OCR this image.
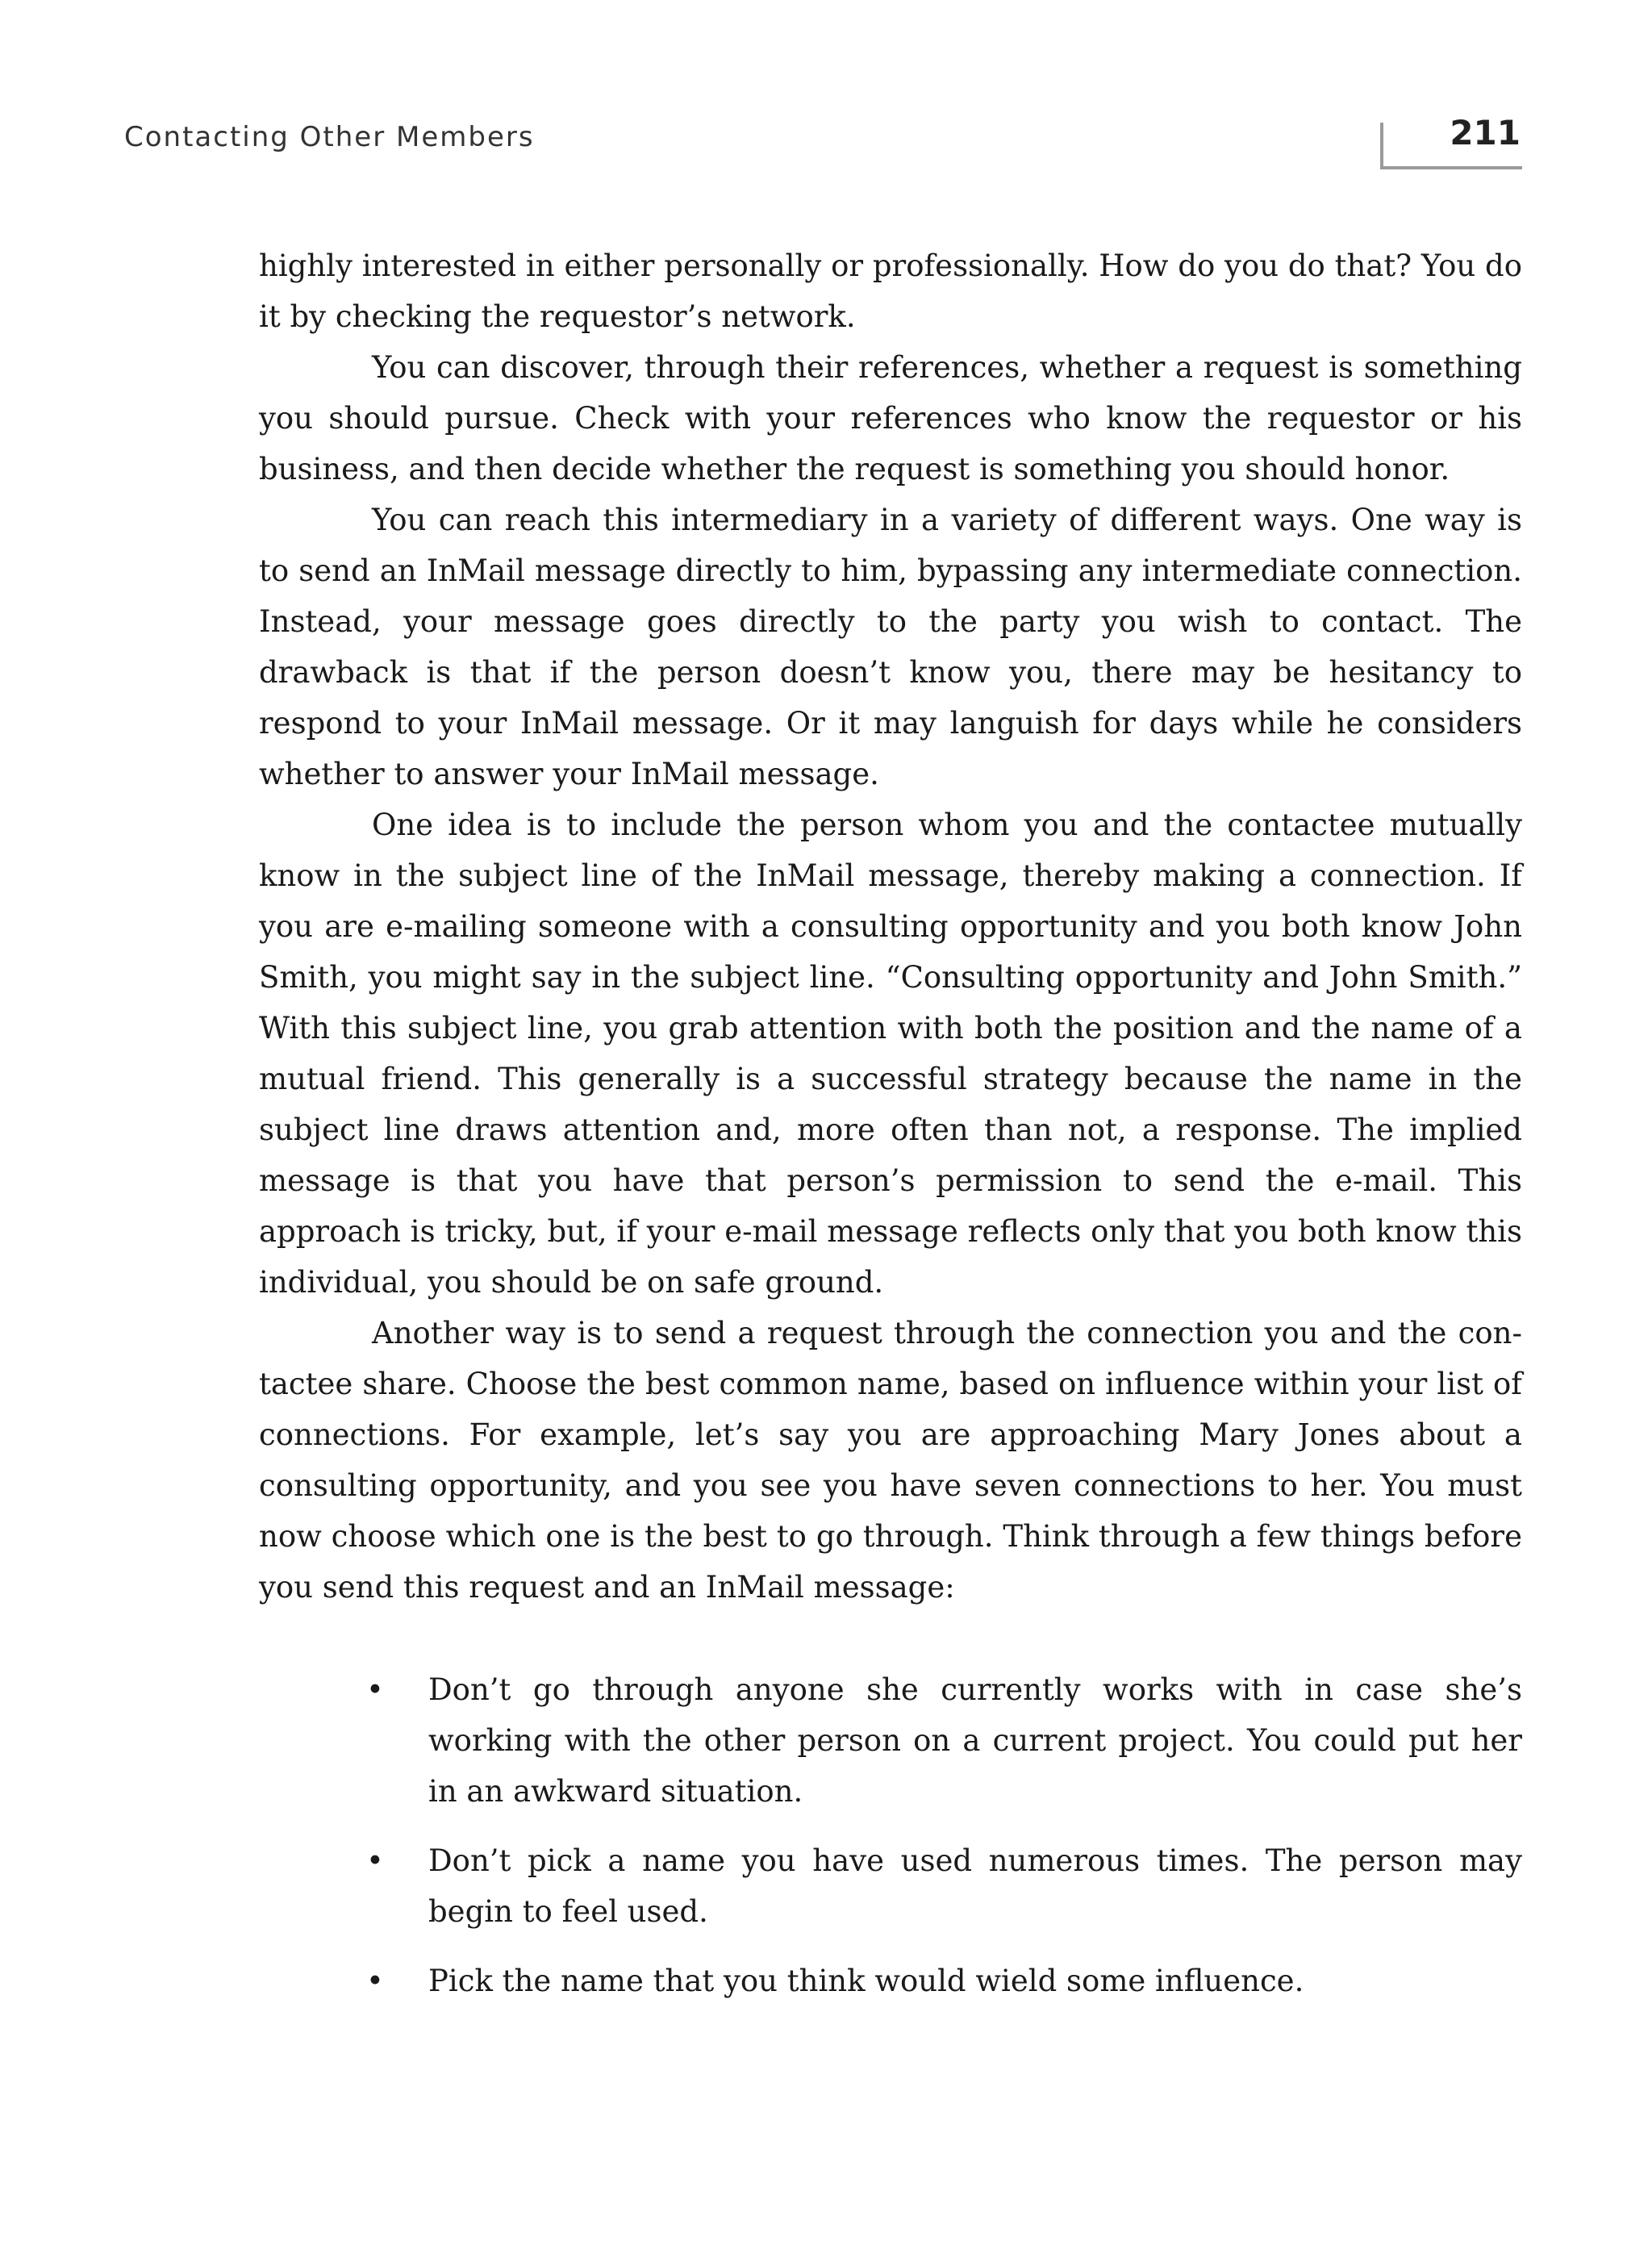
Contacting Other Members	211

highly interested in either personally or professionally. How do you do that? You do it by checking the requestor’s network.

You can discover, through their references, whether a request is something you should pursue. Check with your references who know the requestor or his business, and then decide whether the request is something you should honor.

You can reach this intermediary in a variety of different ways. One way is to send an InMail message directly to him, bypassing any intermediate connection. Instead, your message goes directly to the party you wish to contact. The drawback is that if the person doesn’t know you, there may be hesitancy to respond to your InMail message. Or it may languish for days while he considers whether to answer your InMail message.

One idea is to include the person whom you and the contactee mutually know in the subject line of the InMail message, thereby making a connection. If you are e-mailing someone with a consulting opportunity and you both know John Smith, you might say in the subject line. “Consulting opportunity and John Smith.” With this subject line, you grab attention with both the position and the name of a mutual friend. This generally is a successful strategy because the name in the subject line draws attention and, more often than not, a response. The implied message is that you have that person’s permission to send the e-mail. This approach is tricky, but, if your e-mail message reflects only that you both know this individual, you should be on safe ground.

Another way is to send a request through the connection you and the contactee share. Choose the best common name, based on influence within your list of connections. For example, let’s say you are approaching Mary Jones about a consulting opportunity, and you see you have seven connections to her. You must now choose which one is the best to go through. Think through a few things before you send this request and an InMail message:

• Don’t go through anyone she currently works with in case she’s working with the other person on a current project. You could put her in an awkward situation.
• Don’t pick a name you have used numerous times. The person may begin to feel used.
• Pick the name that you think would wield some influence.
